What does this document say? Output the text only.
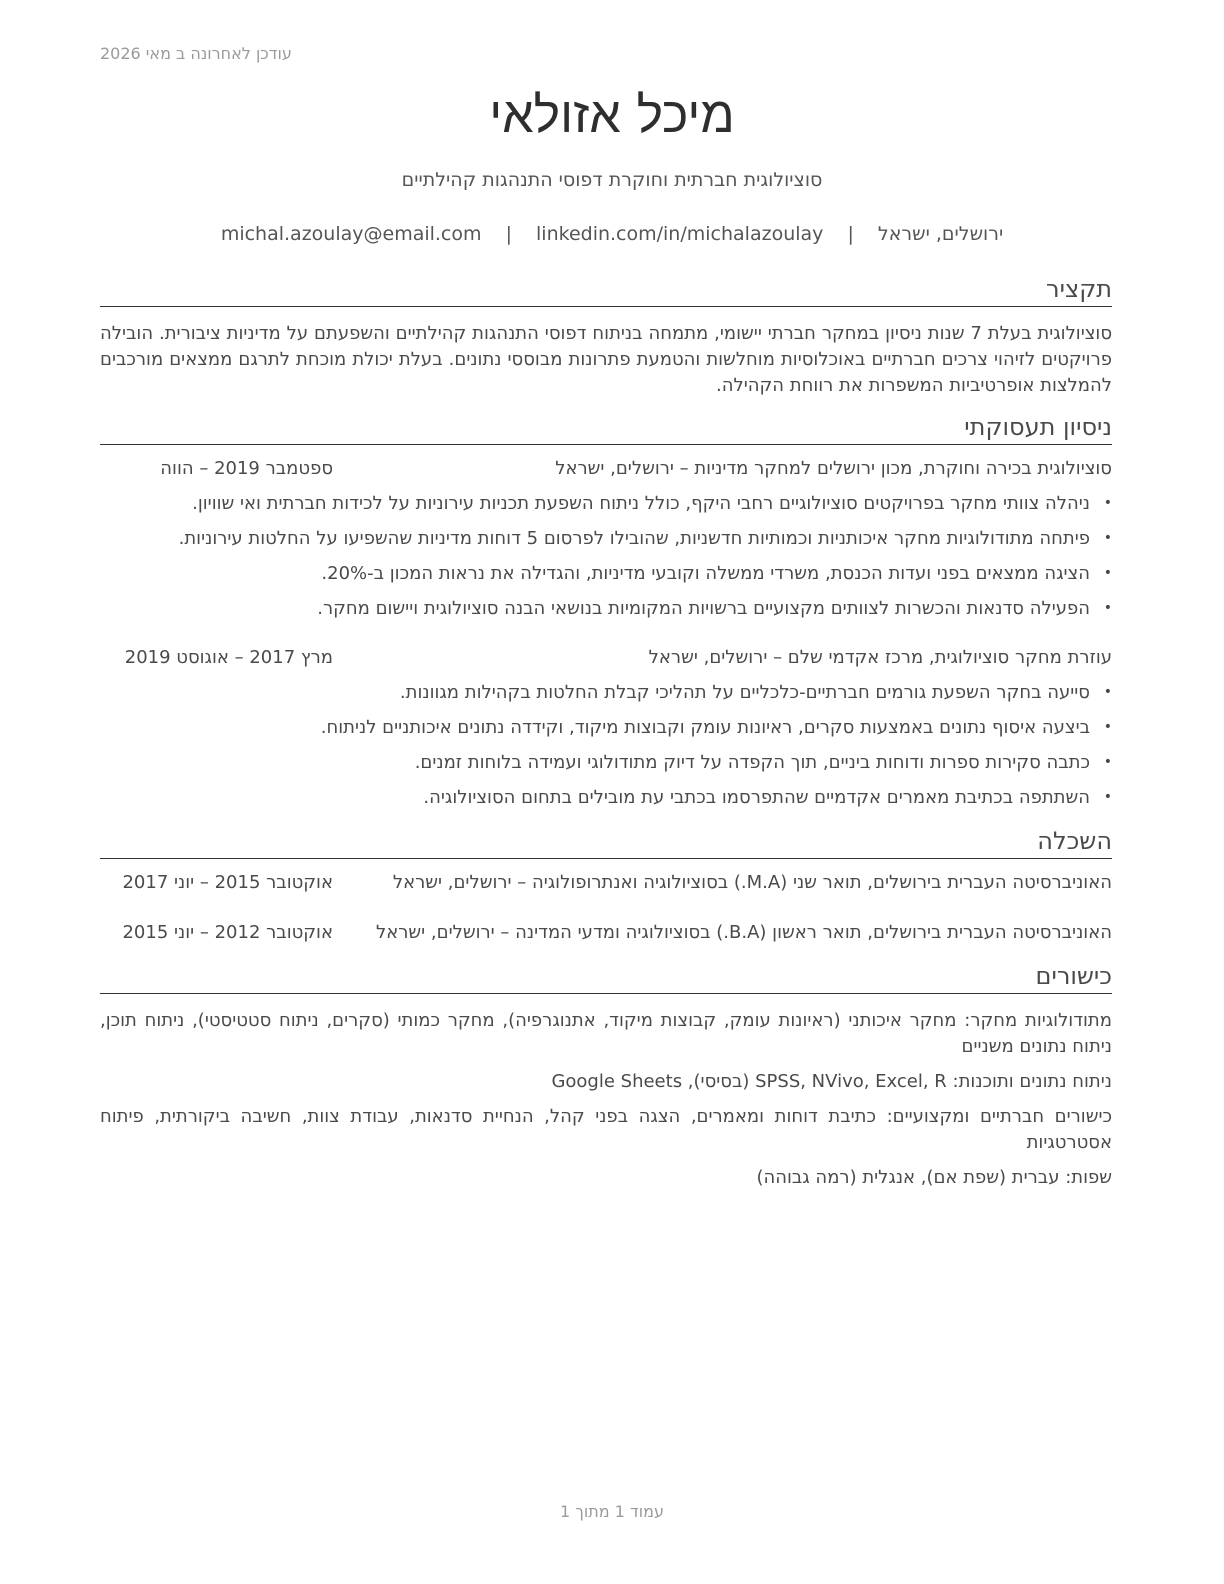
עודכן לאחרונה ב מאי 2026
מיכל אזולאי
סוציולוגית חברתית וחוקרת דפוסי התנהגות קהילתיים
ירושלים, ישראל | michal.azoulay@email.com | linkedin.com/in/michalazoulay
תקציר
סוציולוגית בעלת 7 שנות ניסיון במחקר חברתי יישומי, מתמחה בניתוח דפוסי התנהגות קהילתיים והשפעתם על מדיניות ציבורית. הובילה פרויקטים לזיהוי צרכים חברתיים באוכלוסיות מוחלשות והטמעת פתרונות מבוססי נתונים. בעלת יכולת מוכחת לתרגם ממצאים מורכבים להמלצות אופרטיביות המשפרות את רווחת הקהילה.
ניסיון תעסוקתי
סוציולוגית בכירה וחוקרת, מכון ירושלים למחקר מדיניות – ירושלים, ישראל
ספטמבר 2019 – הווה
• ניהלה צוותי מחקר בפרויקטים סוציולוגיים רחבי היקף, כולל ניתוח השפעת תכניות עירוניות על לכידות חברתית ואי שוויון.
• פיתחה מתודולוגיות מחקר איכותניות וכמותיות חדשניות, שהובילו לפרסום 5 דוחות מדיניות שהשפיעו על החלטות עירוניות.
• הציגה ממצאים בפני ועדות הכנסת, משרדי ממשלה וקובעי מדיניות, והגדילה את נראות המכון ב-20%.
• הפעילה סדנאות והכשרות לצוותים מקצועיים ברשויות המקומיות בנושאי הבנה סוציולוגית ויישום מחקר.
עוזרת מחקר סוציולוגית, מרכז אקדמי שלם – ירושלים, ישראל
מרץ 2017 – אוגוסט 2019
• סייעה בחקר השפעת גורמים חברתיים-כלכליים על תהליכי קבלת החלטות בקהילות מגוונות.
• ביצעה איסוף נתונים באמצעות סקרים, ראיונות עומק וקבוצות מיקוד, וקידדה נתונים איכותניים לניתוח.
• כתבה סקירות ספרות ודוחות ביניים, תוך הקפדה על דיוק מתודולוגי ועמידה בלוחות זמנים.
• השתתפה בכתיבת מאמרים אקדמיים שהתפרסמו בכתבי עת מובילים בתחום הסוציולוגיה.
השכלה
האוניברסיטה העברית בירושלים, תואר שני (M.A.) בסוציולוגיה ואנתרופולוגיה – ירושלים, ישראל
אוקטובר 2015 – יוני 2017
האוניברסיטה העברית בירושלים, תואר ראשון (B.A.) בסוציולוגיה ומדעי המדינה – ירושלים, ישראל
אוקטובר 2012 – יוני 2015
כישורים
מתודולוגיות מחקר: מחקר איכותני (ראיונות עומק, קבוצות מיקוד, אתנוגרפיה), מחקר כמותי (סקרים, ניתוח סטטיסטי), ניתוח תוכן, ניתוח נתונים משניים
ניתוח נתונים ותוכנות: SPSS, NVivo, Excel, R (בסיסי), Google Sheets
כישורים חברתיים ומקצועיים: כתיבת דוחות ומאמרים, הצגה בפני קהל, הנחיית סדנאות, עבודת צוות, חשיבה ביקורתית, פיתוח אסטרטגיות
שפות: עברית (שפת אם), אנגלית (רמה גבוהה)
עמוד 1 מתוך 1
